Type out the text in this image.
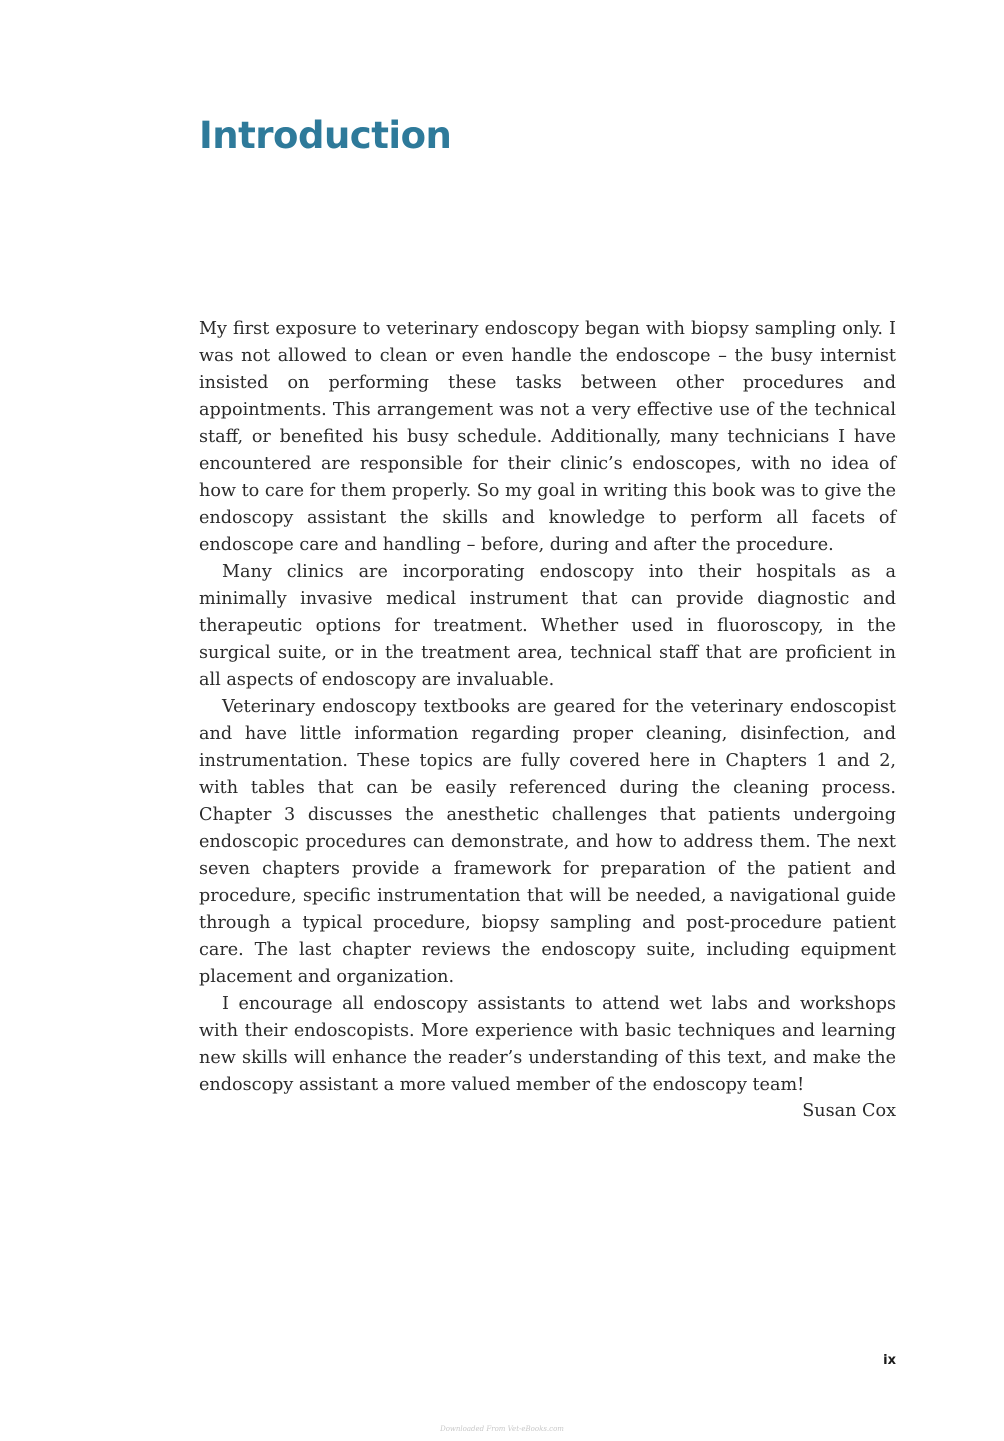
Introduction

My first exposure to veterinary endoscopy began with biopsy sampling only. I was not allowed to clean or even handle the endoscope – the busy internist insisted on performing these tasks between other procedures and appointments. This arrangement was not a very effective use of the technical staff, or benefited his busy schedule. Additionally, many technicians I have encountered are responsible for their clinic’s endoscopes, with no idea of how to care for them properly. So my goal in writing this book was to give the endoscopy assistant the skills and knowledge to perform all facets of endoscope care and handling – before, during and after the procedure.

Many clinics are incorporating endoscopy into their hospitals as a minimally invasive medical instrument that can provide diagnostic and therapeutic options for treatment. Whether used in fluoroscopy, in the surgical suite, or in the treatment area, technical staff that are proficient in all aspects of endoscopy are invaluable.

Veterinary endoscopy textbooks are geared for the veterinary endoscopist and have little information regarding proper cleaning, disinfection, and instrumentation. These topics are fully covered here in Chapters 1 and 2, with tables that can be easily referenced during the cleaning process. Chapter 3 discusses the anesthetic challenges that patients undergoing endoscopic procedures can demonstrate, and how to address them. The next seven chapters provide a framework for preparation of the patient and procedure, specific instrumentation that will be needed, a navigational guide through a typical procedure, biopsy sampling and post-procedure patient care. The last chapter reviews the endoscopy suite, including equipment placement and organization.

I encourage all endoscopy assistants to attend wet labs and workshops with their endoscopists. More experience with basic techniques and learning new skills will enhance the reader’s understanding of this text, and make the endoscopy assistant a more valued member of the endoscopy team!

Susan Cox
ix
Downloaded From Vet-eBooks.com
